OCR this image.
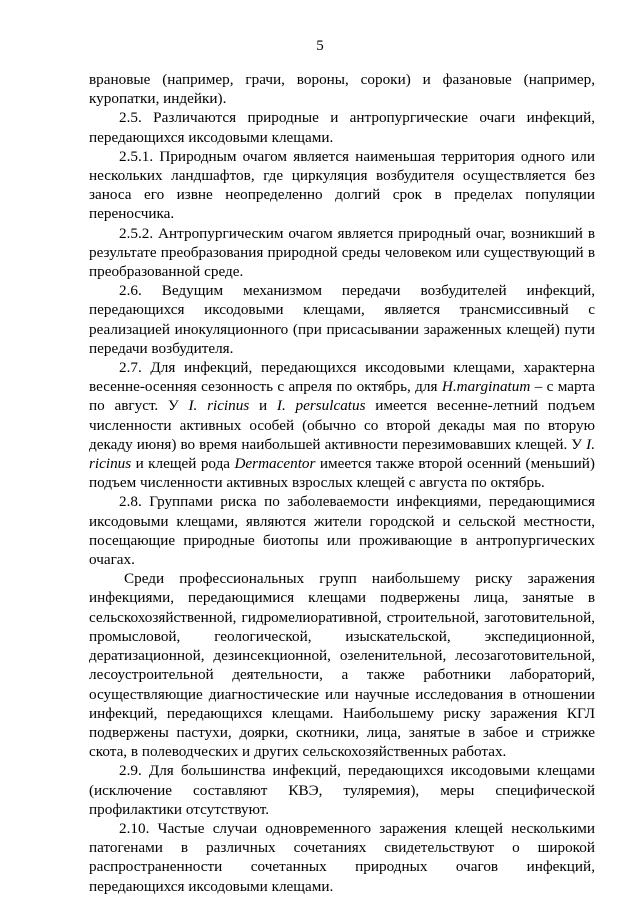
5

врановые (например, грачи, вороны, сороки) и фазановые (например, куропатки, индейки).

2.5. Различаются природные и антропургические очаги инфекций, передающихся иксодовыми клещами.

2.5.1. Природным очагом является наименьшая территория одного или нескольких ландшафтов, где циркуляция возбудителя осуществляется без заноса его извне неопределенно долгий срок в пределах популяции переносчика.

2.5.2. Антропургическим очагом является природный очаг, возникший в результате преобразования природной среды человеком или существующий в преобразованной среде.

2.6. Ведущим механизмом передачи возбудителей инфекций, передающихся иксодовыми клещами, является трансмиссивный с реализацией инокуляционного (при присасывании зараженных клещей) пути передачи возбудителя.

2.7. Для инфекций, передающихся иксодовыми клещами, характерна весенне-осенняя сезонность с апреля по октябрь, для H.marginatum – с марта по август. У I. ricinus и I. persulcatus имеется весенне-летний подъем численности активных особей (обычно со второй декады мая по вторую декаду июня) во время наибольшей активности перезимовавших клещей. У I. ricinus и клещей рода Dermacentor имеется также второй осенний (меньший) подъем численности активных взрослых клещей с августа по октябрь.

2.8. Группами риска по заболеваемости инфекциями, передающимися иксодовыми клещами, являются жители городской и сельской местности, посещающие природные биотопы или проживающие в антропургических очагах.

Среди профессиональных групп наибольшему риску заражения инфекциями, передающимися клещами подвержены лица, занятые в сельскохозяйственной, гидромелиоративной, строительной, заготовительной, промысловой, геологической, изыскательской, экспедиционной, дератизационной, дезинсекционной, озеленительной, лесозаготовительной, лесоустроительной деятельности, а также работники лабораторий, осуществляющие диагностические или научные исследования в отношении инфекций, передающихся клещами. Наибольшему риску заражения КГЛ подвержены пастухи, доярки, скотники, лица, занятые в забое и стрижке скота, в полеводческих и других сельскохозяйственных работах.

2.9. Для большинства инфекций, передающихся иксодовыми клещами (исключение составляют КВЭ, туляремия), меры специфической профилактики отсутствуют.

2.10. Частые случаи одновременного заражения клещей несколькими патогенами в различных сочетаниях свидетельствуют о широкой распространенности сочетанных природных очагов инфекций, передающихся иксодовыми клещами.
